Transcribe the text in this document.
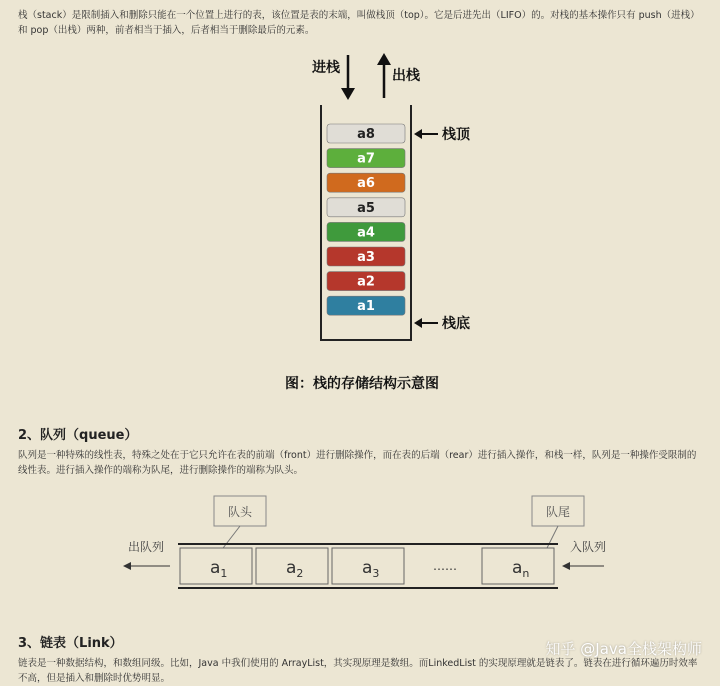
栈（stack）是限制插入和删除只能在一个位置上进行的表，该位置是表的末端，叫做栈顶（top）。它是后进先出（LIFO）的。对栈的基本操作只有 push（进栈）和 pop（出栈）两种，前者相当于插入，后者相当于删除最后的元素。
进栈	出栈
a8
a7
a6
a5
a4
a3
a2
a1
栈顶
栈底
图：栈的存储结构示意图
2、队列（queue）
队列是一种特殊的线性表，特殊之处在于它只允许在表的前端（front）进行删除操作，而在表的后端（rear）进行插入操作，和栈一样，队列是一种操作受限制的线性表。进行插入操作的端称为队尾，进行删除操作的端称为队头。
队头	队尾
$a_1$	$a_2$	$a_3$	$a_n$
……
出队列	入队列
3、链表（Link）
链表是一种数据结构，和数组同级。比如，Java 中我们使用的 ArrayList，其实现原理是数组。而LinkedList 的实现原理就是链表了。链表在进行循环遍历时效率不高，但是插入和删除时优势明显。
知乎 @Java全栈架构师
